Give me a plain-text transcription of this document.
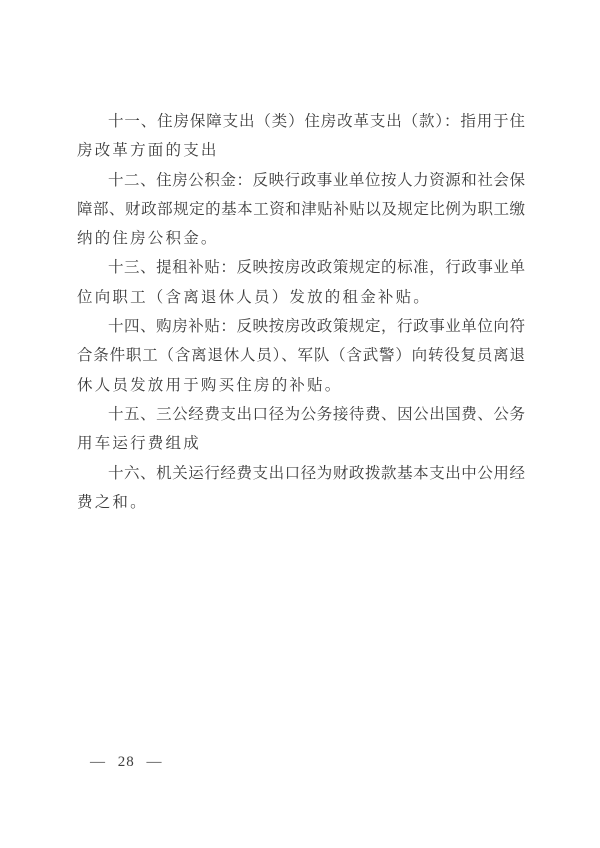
十一、住房保障支出（类）住房改革支出（款）：指用于住
房改革方面的支出
十二、住房公积金：反映行政事业单位按人力资源和社会保
障部、财政部规定的基本工资和津贴补贴以及规定比例为职工缴
纳的住房公积金。
十三、提租补贴：反映按房改政策规定的标准，行政事业单
位向职工（含离退休人员）发放的租金补贴。
十四、购房补贴：反映按房改政策规定，行政事业单位向符
合条件职工（含离退休人员）、军队（含武警）向转役复员离退
休人员发放用于购买住房的补贴。
十五、三公经费支出口径为公务接待费、因公出国费、公务
用车运行费组成
十六、机关运行经费支出口径为财政拨款基本支出中公用经
费之和。
— 28 —
